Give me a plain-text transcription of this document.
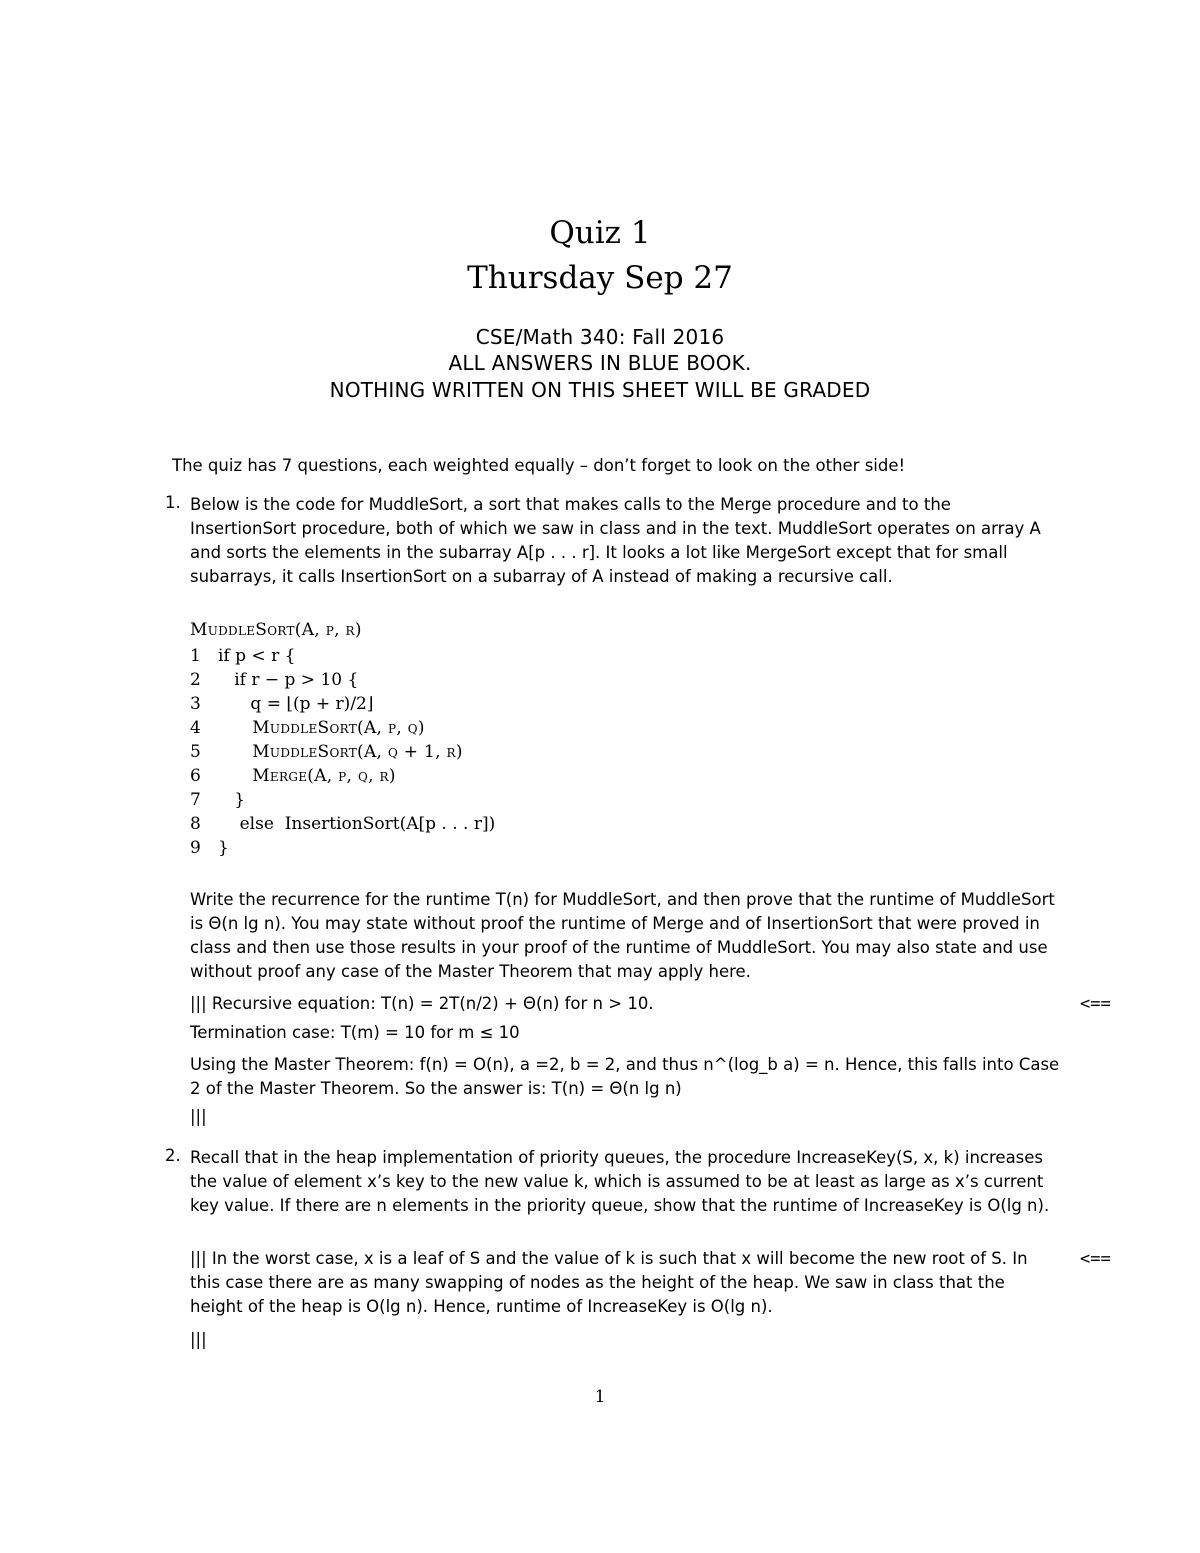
Quiz 1
Thursday Sep 27
CSE/Math 340: Fall 2016
ALL ANSWERS IN BLUE BOOK.
NOTHING WRITTEN ON THIS SHEET WILL BE GRADED
The quiz has 7 questions, each weighted equally – don’t forget to look on the other side!
1. Below is the code for MuddleSort, a sort that makes calls to the Merge procedure and to the InsertionSort procedure, both of which we saw in class and in the text. MuddleSort operates on array A and sorts the elements in the subarray A[p . . . r]. It looks a lot like MergeSort except that for small subarrays, it calls InsertionSort on a subarray of A instead of making a recursive call.
MuddleSort(A, p, r)
1	if p < r {
2	if r − p > 10 {
3	q = ⌊(p + r)/2⌋
4	MuddleSort(A, p, q)
5	MuddleSort(A, q + 1, r)
6	Merge(A, p, q, r)
7	}
8	else  InsertionSort(A[p . . . r])
9	}
Write the recurrence for the runtime T(n) for MuddleSort, and then prove that the runtime of MuddleSort is Θ(n lg n). You may state without proof the runtime of Merge and of InsertionSort that were proved in class and then use those results in your proof of the runtime of MuddleSort. You may also state and use without proof any case of the Master Theorem that may apply here.
||| Recursive equation: T(n) = 2T(n/2) + Θ(n) for n > 10.	<==
Termination case: T(m) = 10 for m ≤ 10
Using the Master Theorem: f(n) = O(n), a =2, b = 2, and thus n^(log_b a) = n. Hence, this falls into Case 2 of the Master Theorem. So the answer is: T(n) = Θ(n lg n)
|||
2. Recall that in the heap implementation of priority queues, the procedure IncreaseKey(S, x, k) increases the value of element x’s key to the new value k, which is assumed to be at least as large as x’s current key value. If there are n elements in the priority queue, show that the runtime of IncreaseKey is O(lg n).
||| In the worst case, x is a leaf of S and the value of k is such that x will become the new root of S. In this case there are as many swapping of nodes as the height of the heap. We saw in class that the height of the heap is O(lg n). Hence, runtime of IncreaseKey is O(lg n).
<==
|||
1
